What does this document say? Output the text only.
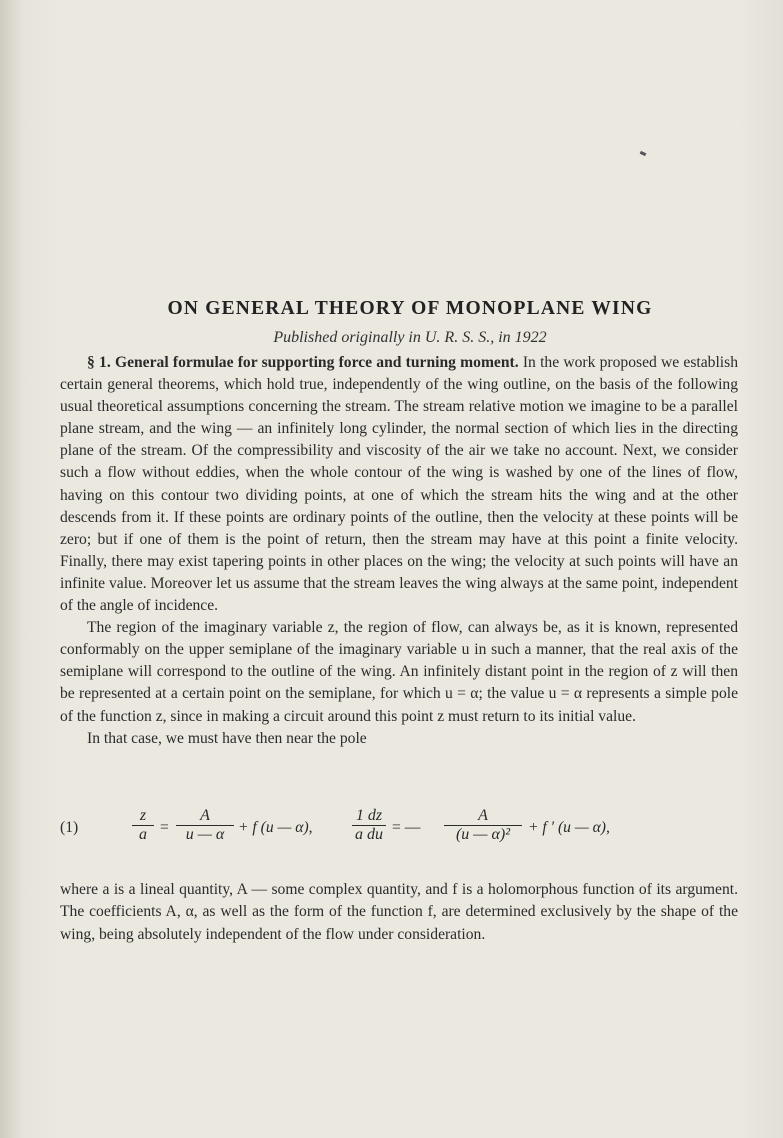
ON GENERAL THEORY OF MONOPLANE WING
Published originally in U. R. S. S., in 1922

§ 1. General formulae for supporting force and turning moment. In the work proposed we establish certain general theorems, which hold true, independently of the wing outline, on the basis of the following usual theoretical assumptions concerning the stream. The stream relative motion we imagine to be a parallel plane stream, and the wing — an infinitely long cylinder, the normal section of which lies in the directing plane of the stream. Of the compressibility and viscosity of the air we take no account. Next, we consider such a flow without eddies, when the whole contour of the wing is washed by one of the lines of flow, having on this contour two dividing points, at one of which the stream hits the wing and at the other descends from it. If these points are ordinary points of the outline, then the velocity at these points will be zero; but if one of them is the point of return, then the stream may have at this point a finite velocity. Finally, there may exist tapering points in other places on the wing; the velocity at such points will have an infinite value. Moreover let us assume that the stream leaves the wing always at the same point, independent of the angle of incidence.

The region of the imaginary variable z, the region of flow, can always be, as it is known, represented conformably on the upper semiplane of the imaginary variable u in such a manner, that the real axis of the semiplane will correspond to the outline of the wing. An infinitely distant point in the region of z will then be represented at a certain point on the semiplane, for which u = α; the value u = α represents a simple pole of the function z, since in making a circuit around this point z must return to its initial value.

In that case, we must have then near the pole

(1)	$\frac{z}{a} = \frac{A}{u — \alpha} + f$ (u — α), $\frac{1 dz}{\text{a du}}$ = — $\frac{A}{\text{(u — α)²}} + f$ ′ (u — α),

where a is a lineal quantity, A — some complex quantity, and f is a holomorphous function of its argument. The coefficients A, α, as well as the form of the function f, are determined exclusively by the shape of the wing, being absolutely independent of the flow under consideration.
